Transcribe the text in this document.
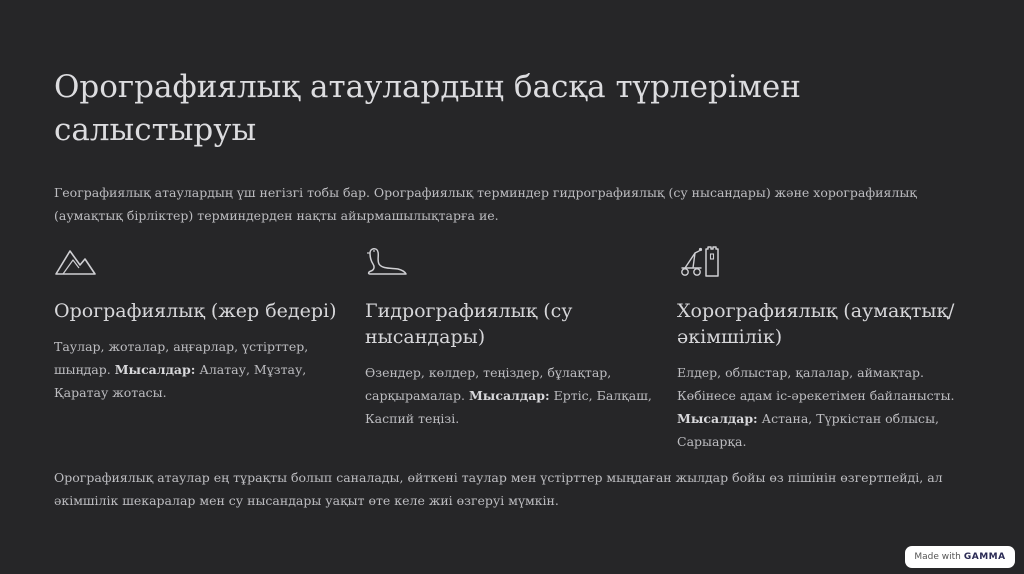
Орографиялық атаулардың басқа түрлерімен салыстыруы

Географиялық атаулардың үш негізгі тобы бар. Орографиялық терминдер гидрографиялық (су нысандары) және хорографиялық (аумақтық бірліктер) терминдерден нақты айырмашылықтарға ие.

Орографиялық (жер бедері)

Таулар, жоталар, аңғарлар, үстірттер, шыңдар. Мысалдар: Алатау, Мұзтау, Қаратау жотасы.

Гидрографиялық (су нысандары)

Өзендер, көлдер, теңіздер, бұлақтар, сарқырамалар. Мысалдар: Ертіс, Балқаш, Каспий теңізі.

Хорографиялық (аумақтық/әкімшілік)

Елдер, облыстар, қалалар, аймақтар. Көбінесе адам іс-әрекетімен байланысты. Мысалдар: Астана, Түркістан облысы, Сарыарқа.

Орографиялық атаулар ең тұрақты болып саналады, өйткені таулар мен үстірттер мыңдаған жылдар бойы өз пішінін өзгертпейді, ал әкімшілік шекаралар мен су нысандары уақыт өте келе жиі өзгеруі мүмкін.

Made with GAMMA
